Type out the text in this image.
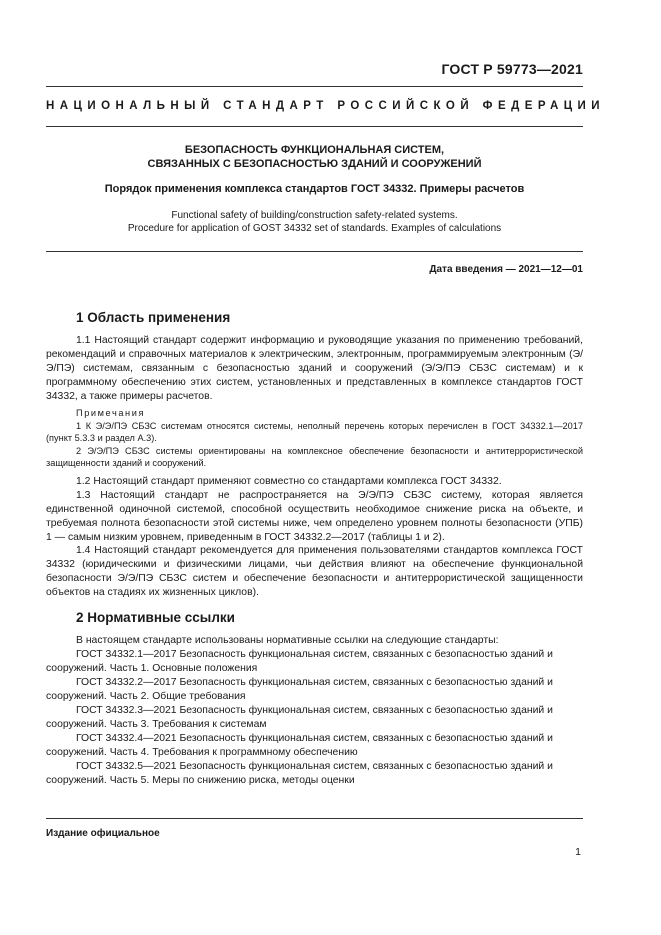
ГОСТ Р 59773—2021
НАЦИОНАЛЬНЫЙ СТАНДАРТ РОССИЙСКОЙ ФЕДЕРАЦИИ
БЕЗОПАСНОСТЬ ФУНКЦИОНАЛЬНАЯ СИСТЕМ,
СВЯЗАННЫХ С БЕЗОПАСНОСТЬЮ ЗДАНИЙ И СООРУЖЕНИЙ
Порядок применения комплекса стандартов ГОСТ 34332. Примеры расчетов
Functional safety of building/construction safety-related systems.
Procedure for application of GOST 34332 set of standards. Examples of calculations
Дата введения — 2021—12—01
1 Область применения

1.1 Настоящий стандарт содержит информацию и руководящие указания по применению требований, рекомендаций и справочных материалов к электрическим, электронным, программируемым электронным (Э/Э/ПЭ) системам, связанным с безопасностью зданий и сооружений (Э/Э/ПЭ СБЗС системам) и к программному обеспечению этих систем, установленных и представленных в комплексе стандартов ГОСТ 34332, а также примеры расчетов.

Примечания

1 К Э/Э/ПЭ СБЗС системам относятся системы, неполный перечень которых перечислен в ГОСТ 34332.1—2017 (пункт 5.3.3 и раздел А.3).

2 Э/Э/ПЭ СБЗС системы ориентированы на комплексное обеспечение безопасности и антитеррористической защищенности зданий и сооружений.

1.2 Настоящий стандарт применяют совместно со стандартами комплекса ГОСТ 34332.

1.3 Настоящий стандарт не распространяется на Э/Э/ПЭ СБЗС систему, которая является единственной одиночной системой, способной осуществить необходимое снижение риска на объекте, и требуемая полнота безопасности этой системы ниже, чем определено уровнем полноты безопасности (УПБ) 1 — самым низким уровнем, приведенным в ГОСТ 34332.2—2017 (таблицы 1 и 2).

1.4 Настоящий стандарт рекомендуется для применения пользователями стандартов комплекса ГОСТ 34332 (юридическими и физическими лицами, чьи действия влияют на обеспечение функциональной безопасности Э/Э/ПЭ СБЗС систем и обеспечение безопасности и антитеррористической защищенности объектов на стадиях их жизненных циклов).

2 Нормативные ссылки
В настоящем стандарте использованы нормативные ссылки на следующие стандарты:
ГОСТ 34332.1—2017 Безопасность функциональная систем, связанных с безопасностью зданий и
сооружений. Часть 1. Основные положения
ГОСТ 34332.2—2017 Безопасность функциональная систем, связанных с безопасностью зданий и
сооружений. Часть 2. Общие требования
ГОСТ 34332.3—2021 Безопасность функциональная систем, связанных с безопасностью зданий и
сооружений. Часть 3. Требования к системам
ГОСТ 34332.4—2021 Безопасность функциональная систем, связанных с безопасностью зданий и
сооружений. Часть 4. Требования к программному обеспечению
ГОСТ 34332.5—2021 Безопасность функциональная систем, связанных с безопасностью зданий и
сооружений. Часть 5. Меры по снижению риска, методы оценки
Издание официальное
1
